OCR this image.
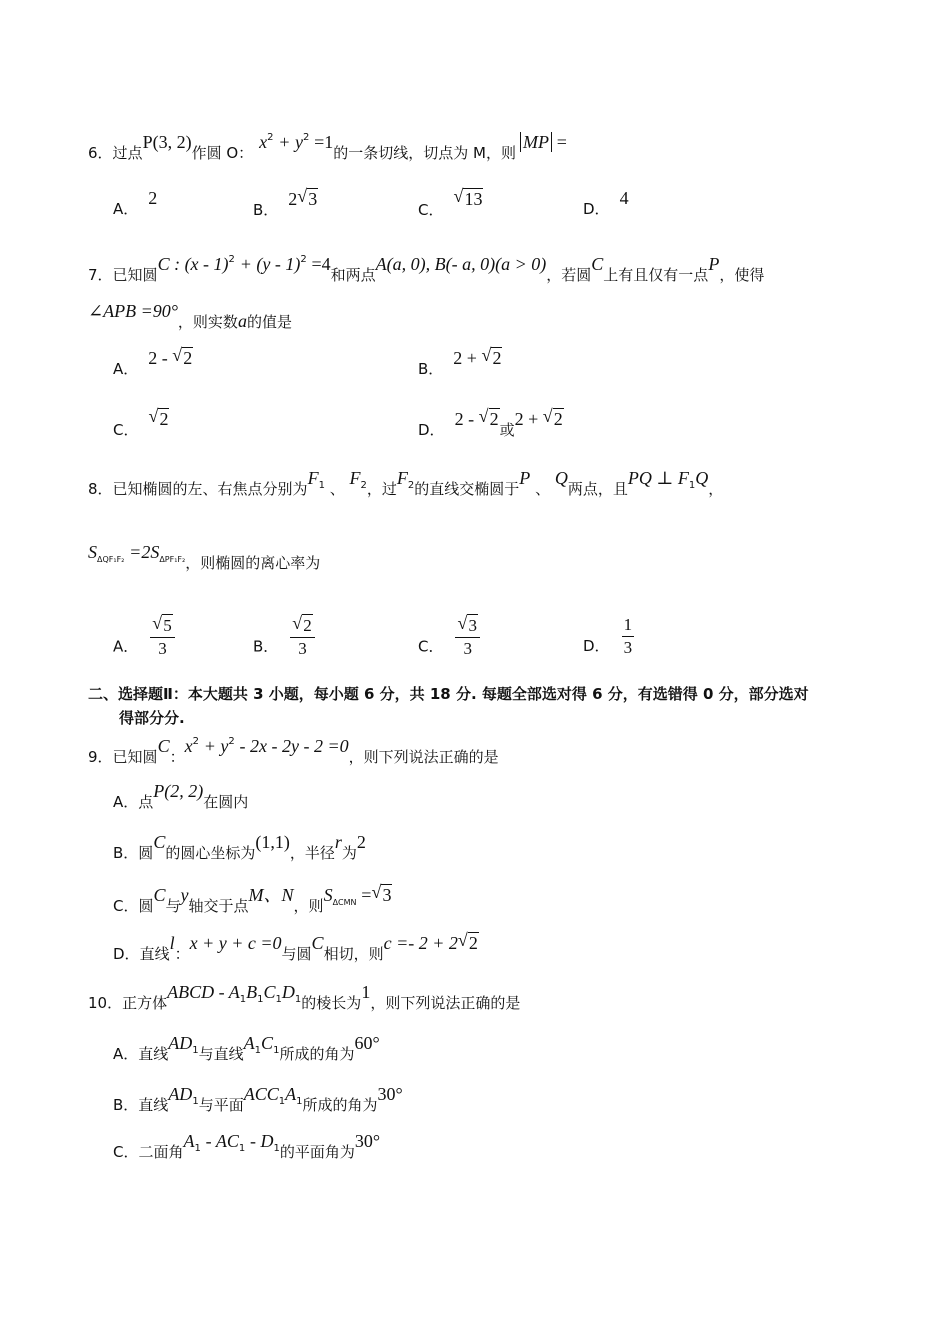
6．过点P(3, 2)作圆 O：$x^2 + y^2 =1$的一条切线，切点为 M，则MP =
A．2
B．2 √ 3
C．√ 13	D．4
7．已知圆C : (x - 1)$^2$ + (y - 1)$^2$ =4和两点A(a, 0), B(- a, 0)(a > 0)，若圆C上有且仅有一点P，使得
∠APB =90°，则实数a的值是
A．2 - √ 2
B．2 + √ 2
C．√ 2
D．2 - √ 2或2 + √ 2
8．已知椭圆的左、右焦点分别为$F_1$ 、 $F_2$，过$F_2$的直线交椭圆于P 、 Q两点，且PQ ⊥ $F_1Q$，
$S_{\Delta QF_1F_2} =2S_{\Delta PF_1F_2}$，则椭圆的离心率为
A． √ $\frac{5}{3}$	B． √ $\frac{2}{3}$	C． √ $\frac{3}{3}$	D． $\frac{1}{3}$
二、选择题Ⅱ：本大题共 3 小题，每小题 6 分，共 18 分. 每题全部选对得 6 分，有选错得 0 分，部分选对
得部分分.
9．已知圆C：$x^2 + y^2 - 2x - 2y - 2 =0$，则下列说法正确的是
A．点P(2, 2)在圆内
B．圆C的圆心坐标为(1,1)，半径r为2
C．圆C与y轴交于点M、N，则$S_{\Delta CMN}$ = √ 3
D．直线l：x + y + c =0与圆C相切，则c =- 2 + 2 √ 2
10．正方体ABCD - $A_1B_1C_1D_1$的棱长为1，则下列说法正确的是
A．直线$AD_1$与直线$A_1C_1$所成的角为60°
B．直线$AD_1$与平面$ACC_1A_1$所成的角为30°
C．二面角$A_1 - AC_1 - D_1$的平面角为30°
